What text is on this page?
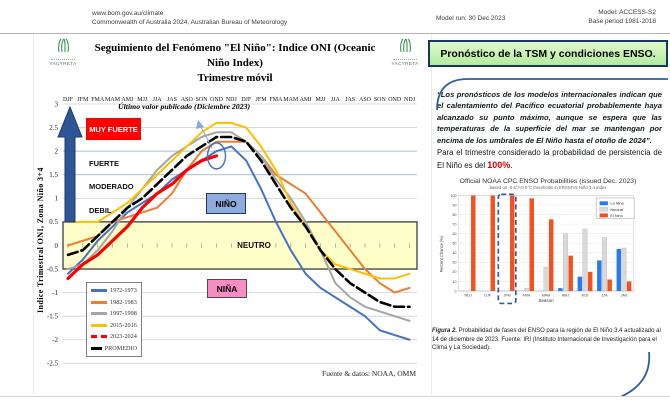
www.bom.gov.au/climate
Commonwealth of Australia 2024, Australian Bureau of Meteorology
Model run: 30 Dec 2023
Model: ACCESS-S2
Base period 1981-2018
YACYRETA	YACYRETA
Seguimiento del Fenómeno "El Niño": Indice ONI (Oceanic Niño Index)
Trimestre móvil
3
2.5
2
1.5
1
0.5
0
-0.5
-1
-1.5
-2
-2.5
DJF JFM FMA MAM AMJ MJJ JJA JAS ASO SON OND NDJ DJF JFM FMA MAM AMJ MJJ JJA JAS ASO SON OND NDJ
Indice Trimestral ONI, Zona Niño 3+4
Último valor publicado (Diciembre 2023)
MUY FUERTE
FUERTE
MODERADO
DEBIL
NIÑO
NEUTRO
NIÑA
1972-1973
1982-1983
1997-1998
2015-2016
2023-2024
PROMEDIO
Fuente & datos: NOAA, OMM
Pronóstico de la TSM y condiciones ENSO.
“Los pronósticos de los modelos internacionales indican que el calentamiento del Pacífico ecuatorial probablemente haya alcanzado su punto máximo, aunque se espera que las temperaturas de la superficie del mar se mantengan por encima de los umbrales de El Niño hasta el otoño de 2024”.
Para el trimestre considerado la probabilidad de persistencia de El Niño es del 100%.
Official NOAA CPC ENSO Probabilities (issued Dec. 2023)
based on -0.5°/+0.5°C thresholds in ERSSTv5 Niño 3.4 index
0
10
20
30
40
50
60
70
80
90
100
NDJ	DJF	JFM	FMA	MAM	AMJ	MJJ	JJA	JAS
Season
Percent Chance (%)
La Nina
Neutral
El Nino
Figura 2. Probabilidad de fases del ENSO para la región de El Niño 3.4 actualizado al 14 de diciembre de 2023. Fuente: IRI (Instituto Internacional de Investigación para el Clima y La Sociedad).
